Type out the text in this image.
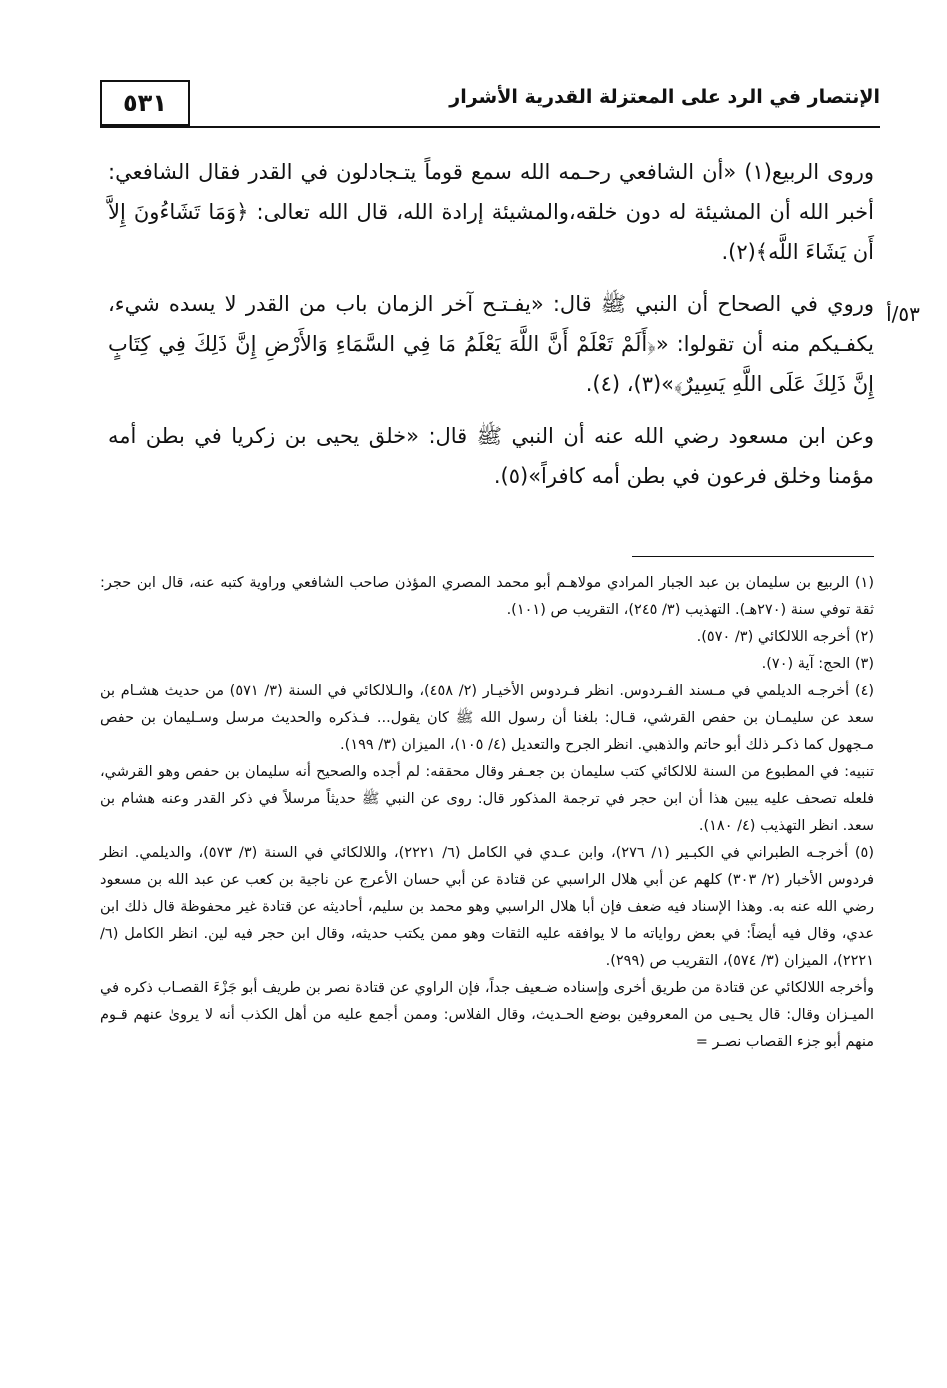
٥٣١	الإنتصار في الرد على المعتزلة القدرية الأشرار
٥٣/أ

وروى الربيع(١) «أن الشافعي رحـمه الله سمع قوماً يتـجادلون في القدر فقال الشافعي: أخبر الله أن المشيئة له دون خلقه،والمشيئة إرادة الله، قال الله تعالى: ﴿وَمَا تَشَاءُونَ إِلاَّ أَن يَشَاءَ اللَّه﴾(٢).

وروي في الصحاح أن النبي ﷺ قال: «يفـتـح آخر الزمان باب من القدر لا يسده شيء، يكفـيكم منه أن تقولوا: «﴿أَلَمْ تَعْلَمْ أَنَّ اللَّهَ يَعْلَمُ مَا فِي السَّمَاءِ وَالأَرْضِ إِنَّ ذَلِكَ فِي كِتَابٍ إِنَّ ذَلِكَ عَلَى اللَّهِ يَسِيرٌ﴾»(٣)، (٤).

وعن ابن مسعود رضي الله عنه أن النبي ﷺ قال: «خلق يحيى بن زكريا في بطن أمه مؤمنا وخلق فرعون في بطن أمه كافراً»(٥).

(١) الربيع بن سليمان بن عبد الجبار المرادي مولاهـم أبو محمد المصري المؤذن صاحب الشافعي وراوية كتبه عنه، قال ابن حجر: ثقة توفي سنة (٢٧٠هـ). التهذيب (٣/ ٢٤٥)، التقريب ص (١٠١).

(٢) أخرجه اللالكائي (٣/ ٥٧٠).

(٣) الحج: آية (٧٠).

(٤) أخرجـه الديلمي في مـسند الفـردوس. انظر فـردوس الأخيـار (٢/ ٤٥٨)، والـلالكائي في السنة (٣/ ٥٧١) من حديث هشـام بن سعد عن سليمـان بن حفص القرشي، قـال: بلغنا أن رسول الله ﷺ كان يقول... فـذكره والحديث مرسل وسـليمان بن حفص مـجهول كما ذكـر ذلك أبو حاتم والذهبي. انظر الجرح والتعديل (٤/ ١٠٥)، الميزان (٣/ ١٩٩).

تنبيه: في المطبوع من السنة للالكائي كتب سليمان بن جعـفر وقال محققه: لم أجده والصحيح أنه سليمان بن حفص وهو القرشي، فلعله تصحف عليه يبين هذا أن ابن حجر في ترجمة المذكور قال: روى عن النبي ﷺ حديثاً مرسلاً في ذكر القدر وعنه هشام بن سعد. انظر التهذيب (٤/ ١٨٠).

(٥) أخرجـه الطبراني في الكبـير (١/ ٢٧٦)، وابن عـدي في الكامل (٦/ ٢٢٢١)، واللالكائي في السنة (٣/ ٥٧٣)، والديلمي. انظر فردوس الأخبار (٢/ ٣٠٣) كلهم عن أبي هلال الراسبي عن قتادة عن أبي حسان الأعرج عن ناجية بن كعب عن عبد الله بن مسعود رضي الله عنه به. وهذا الإسناد فيه ضعف فإن أبا هلال الراسبي وهو محمد بن سليم، أحاديثه عن قتادة غير محفوظة قال ذلك ابن عدي، وقال فيه أيضاً: في بعض رواياته ما لا يوافقه عليه الثقات وهو ممن يكتب حديثه، وقال ابن حجر فيه لين. انظر الكامل (٦/ ٢٢٢١)، الميزان (٣/ ٥٧٤)، التقريب ص (٢٩٩).

وأخرجه اللالكائي عن قتادة من طريق أخرى وإسناده ضـعيف جداً، فإن الراوي عن قتادة نصر بن طريف أبو جَزْءَ القصـاب ذكره في الميـزان وقال: قال يحـيى من المعروفين بوضع الحـديث، وقال الفلاس: وممن أجمع عليه من أهل الكذب أنه لا يروىٰ عنهم قـوم منهم أبو جزء القصاب نصـر =
